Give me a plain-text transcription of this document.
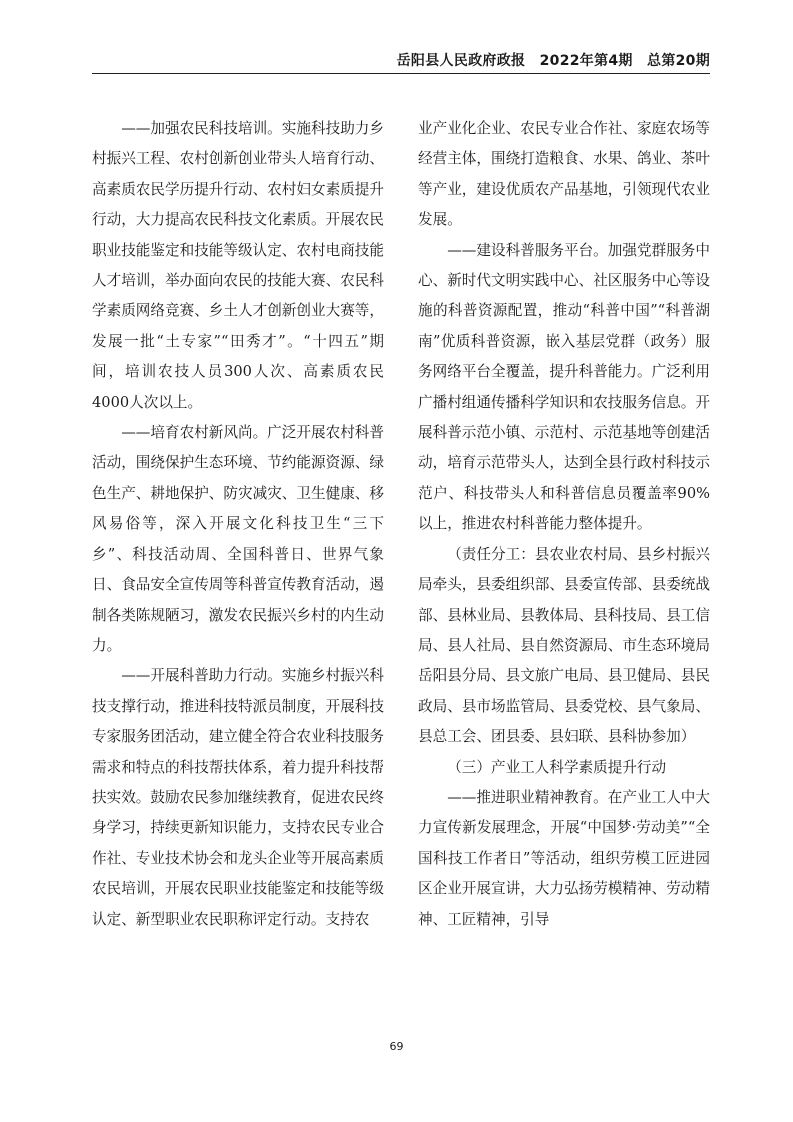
岳阳县人民政府政报　2022年第4期　总第20期

——加强农民科技培训。实施科技助力乡村振兴工程、农村创新创业带头人培育行动、高素质农民学历提升行动、农村妇女素质提升行动，大力提高农民科技文化素质。开展农民职业技能鉴定和技能等级认定、农村电商技能人才培训，举办面向农民的技能大赛、农民科学素质网络竞赛、乡土人才创新创业大赛等，发展一批“土专家”“田秀才”。“十四五”期间，培训农技人员300人次、高素质农民4000人次以上。

——培育农村新风尚。广泛开展农村科普活动，围绕保护生态环境、节约能源资源、绿色生产、耕地保护、防灾减灾、卫生健康、移风易俗等，深入开展文化科技卫生“三下乡”、科技活动周、全国科普日、世界气象日、食品安全宣传周等科普宣传教育活动，遏制各类陈规陋习，激发农民振兴乡村的内生动力。

——开展科普助力行动。实施乡村振兴科技支撑行动，推进科技特派员制度，开展科技专家服务团活动，建立健全符合农业科技服务需求和特点的科技帮扶体系，着力提升科技帮扶实效。鼓励农民参加继续教育，促进农民终身学习，持续更新知识能力，支持农民专业合作社、专业技术协会和龙头企业等开展高素质农民培训，开展农民职业技能鉴定和技能等级认定、新型职业农民职称评定行动。支持农

业产业化企业、农民专业合作社、家庭农场等经营主体，围绕打造粮食、水果、鸽业、茶叶等产业，建设优质农产品基地，引领现代农业发展。

——建设科普服务平台。加强党群服务中心、新时代文明实践中心、社区服务中心等设施的科普资源配置，推动“科普中国”“科普湖南”优质科普资源，嵌入基层党群（政务）服务网络平台全覆盖，提升科普能力。广泛利用广播村组通传播科学知识和农技服务信息。开展科普示范小镇、示范村、示范基地等创建活动，培育示范带头人，达到全县行政村科技示范户、科技带头人和科普信息员覆盖率90%以上，推进农村科普能力整体提升。

（责任分工：县农业农村局、县乡村振兴局牵头，县委组织部、县委宣传部、县委统战部、县林业局、县教体局、县科技局、县工信局、县人社局、县自然资源局、市生态环境局岳阳县分局、县文旅广电局、县卫健局、县民政局、县市场监管局、县委党校、县气象局、县总工会、团县委、县妇联、县科协参加）

（三）产业工人科学素质提升行动

——推进职业精神教育。在产业工人中大力宣传新发展理念，开展“中国梦·劳动美”“全国科技工作者日”等活动，组织劳模工匠进园区企业开展宣讲，大力弘扬劳模精神、劳动精神、工匠精神，引导

69
